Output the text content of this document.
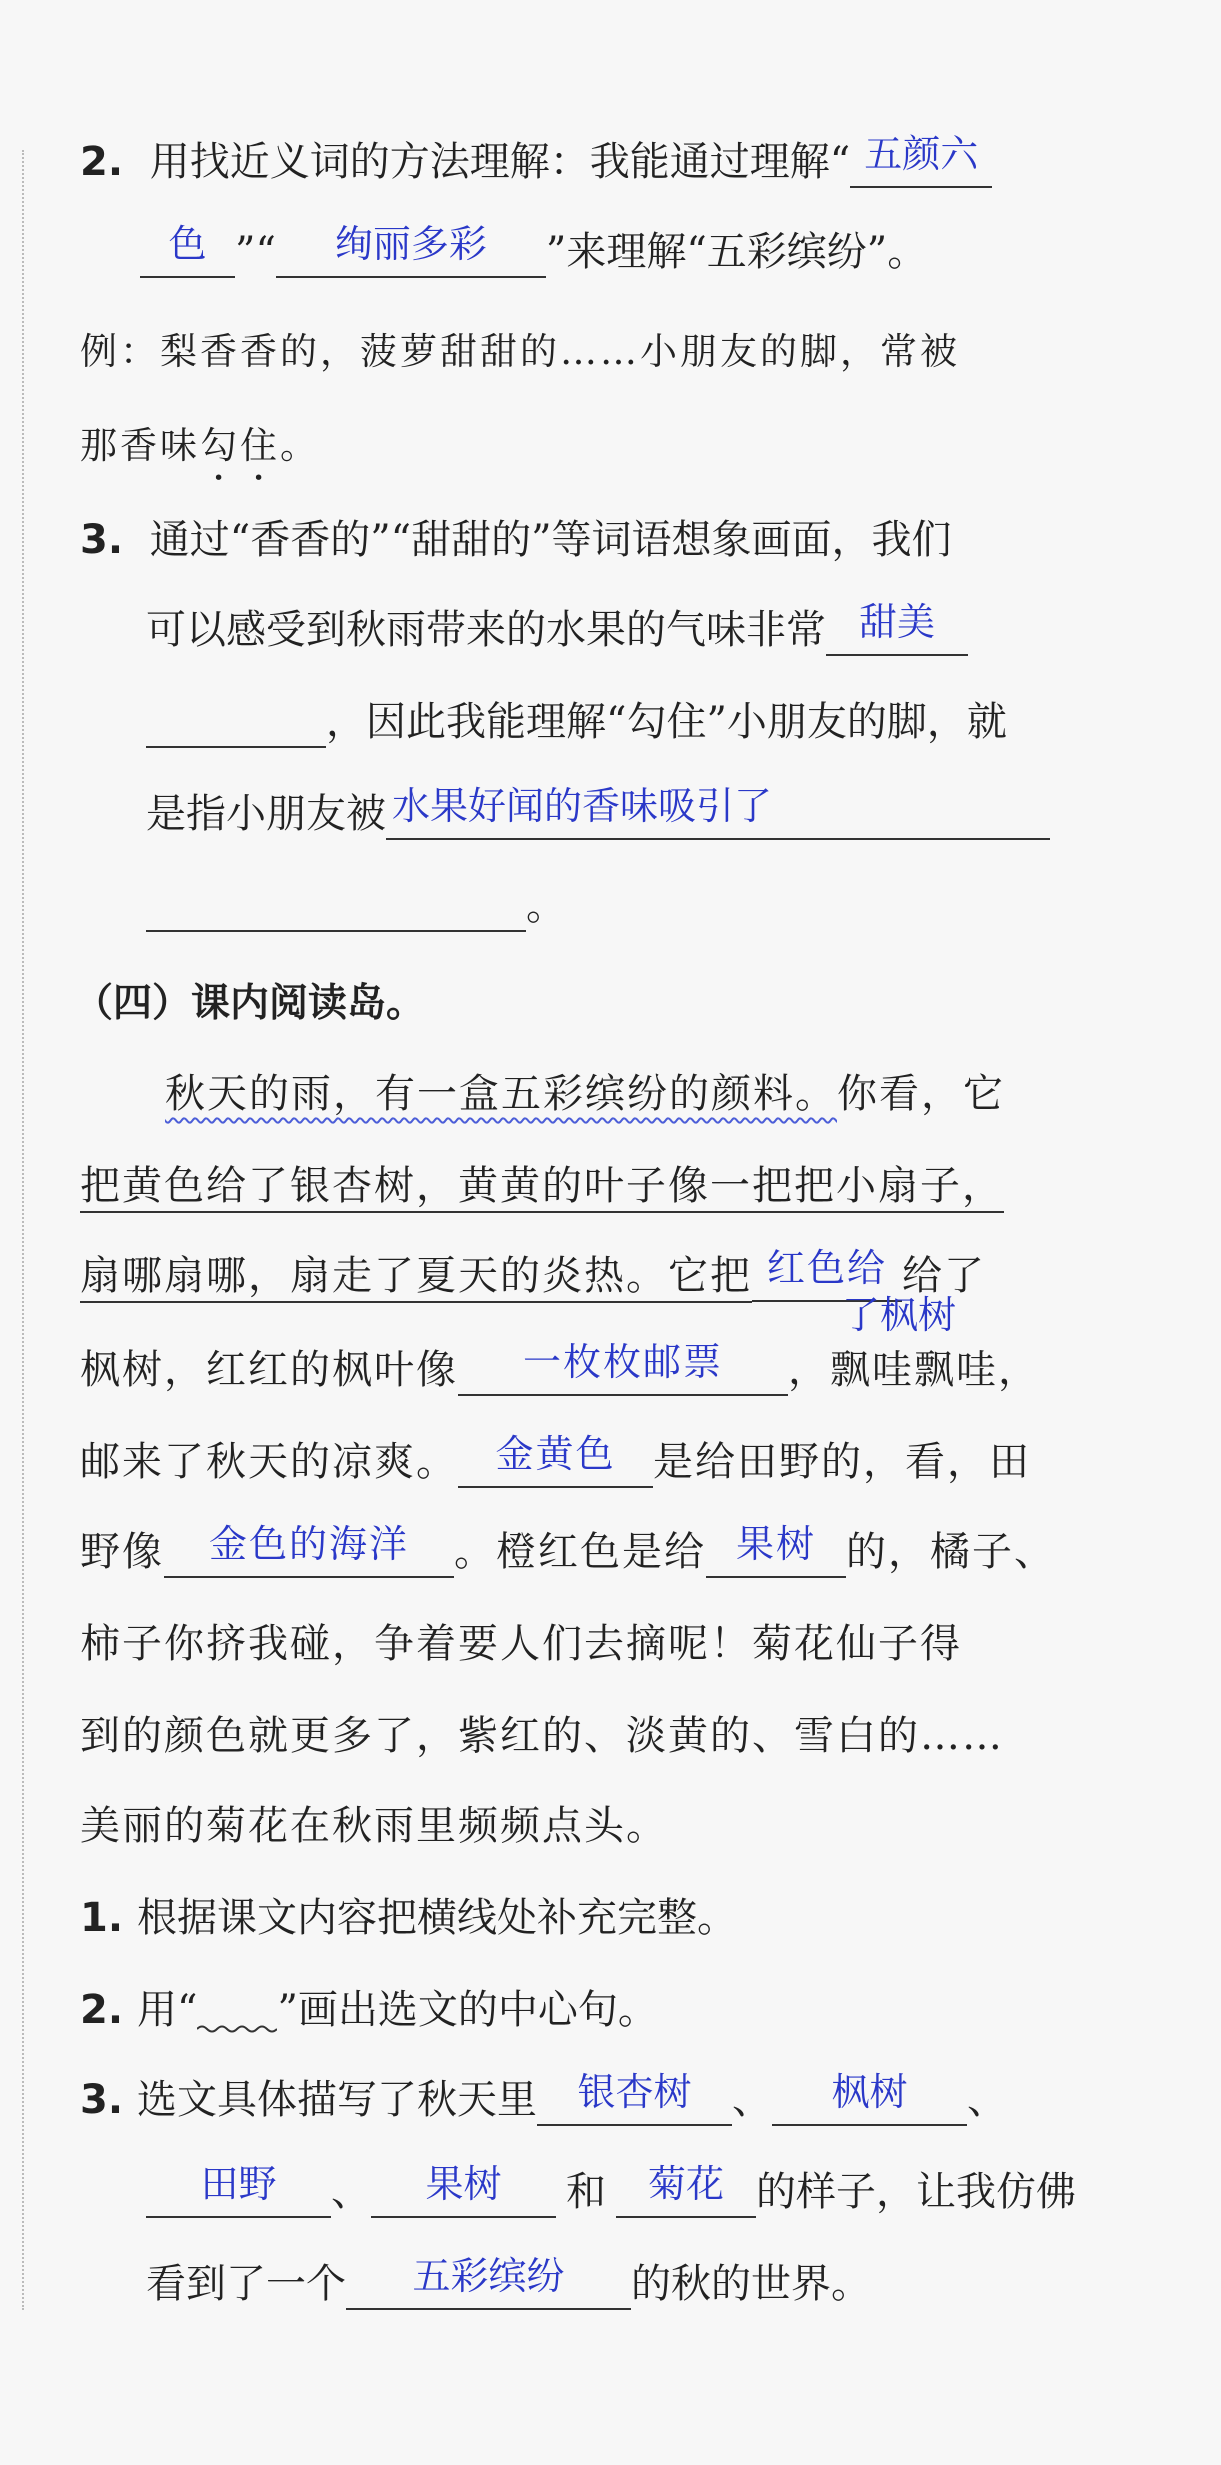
2. 用找近义词的方法理解：我能通过理解“ 五颜六
色 ”“	绚丽多彩	”来理解“五彩缤纷”。
例：梨香香的，菠萝甜甜的……小朋友的脚，常被
那香味勾住。
3. 通过“香香的”“甜甜的”等词语想象画面，我们
可以感受到秋雨带来的水果的气味非常 甜美
，因此我能理解“勾住”小朋友的脚，就
是指小朋友被 水果好闻的香味吸引了
。
（四）课内阅读岛。
秋天的雨，有一盒五彩缤纷的颜料。你看，它
把黄色给了银杏树，黄黄的叶子像一把把小扇子，
扇哪扇哪，扇走了夏天的炎热。它把 红色给 给了
了枫树
枫树，红红的枫叶像	一枚枚邮票	，飘哇飘哇，
邮来了秋天的凉爽。 金黄色 是给田野的，看，田
野像	金色的海洋	。橙红色是给 果树 的，橘子、
柿子你挤我碰，争着要人们去摘呢！菊花仙子得
到的颜色就更多了，紫红的、淡黄的、雪白的……
美丽的菊花在秋雨里频频点头。
1. 根据课文内容把横线处补充完整。
2. 用“ ”画出选文的中心句。
3. 选文具体描写了秋天里	银杏树	、	枫树	、
田野	、	果树	和	菊花 的样子，让我仿佛
看到了一个	五彩缤纷	的秋的世界。
